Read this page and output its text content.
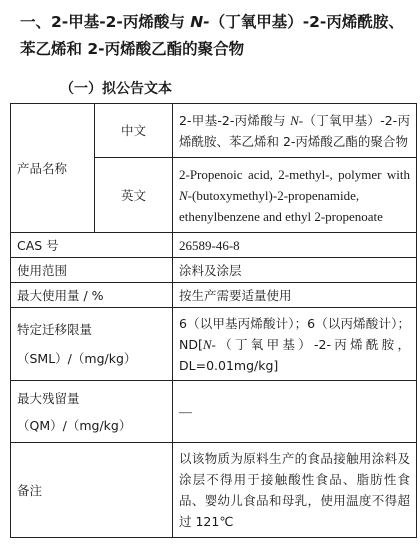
一、2-甲基-2-丙烯酸与 N-（丁氧甲基）-2-丙烯酰胺、苯乙烯和 2-丙烯酸乙酯的聚合物
（一）拟公告文本
产品名称	中文	2-甲基-2-丙烯酸与 N-（丁氧甲基）-2-丙烯酰胺、苯乙烯和 2-丙烯酸乙酯的聚合物
	英文	2-Propenoic acid, 2-methyl-, polymer with N-(butoxymethyl)-2-propenamide, ethenylbenzene and ethyl 2-propenoate
CAS 号		26589-46-8
使用范围		涂料及涂层
最大使用量 / %		按生产需要适量使用

特定迁移限量
（SML）/（mg/kg）		6（以甲基丙烯酸计）；6（以丙烯酸计）；ND[N-（丁氧甲基）-2-丙烯酰胺，DL=0.01mg/kg]

最大残留量
（QM）/（mg/kg）		—
备注		以该物质为原料生产的食品接触用涂料及涂层不得用于接触酸性食品、脂肪性食品、婴幼儿食品和母乳，使用温度不得超过 121℃
